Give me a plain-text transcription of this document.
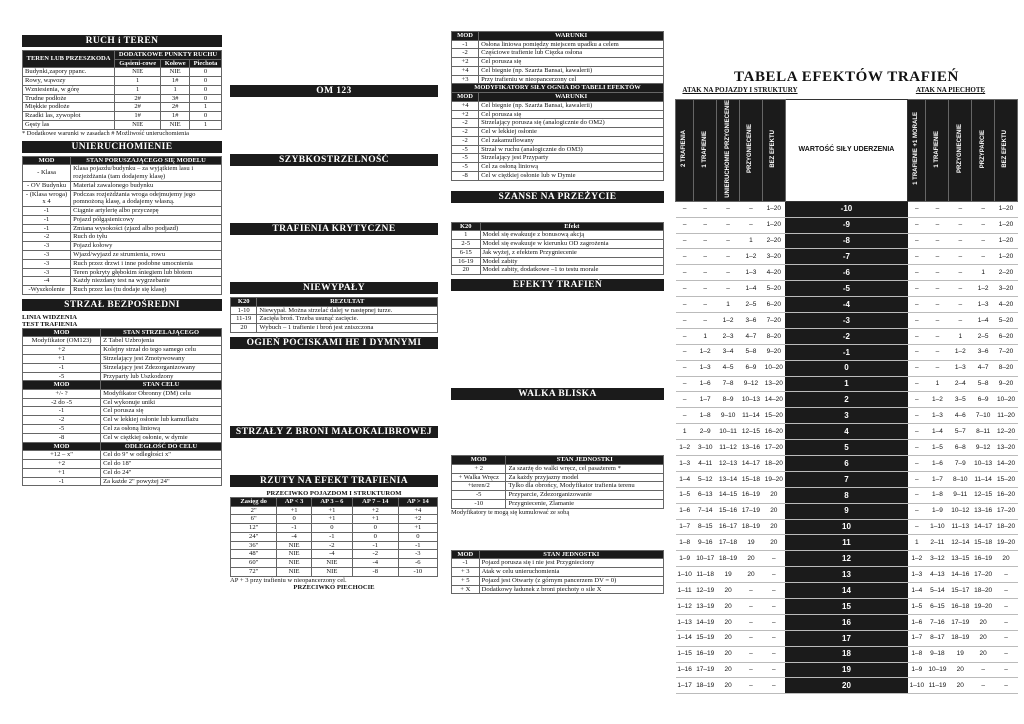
RUCH i TEREN
TEREN LUB PRZESZKODA	DODATKOWE PUNKTY RUCHU		
	Gąsieni-cowe	Kołowe	Piechota
Budynki,zapory ppanc.	NIE	NIE	0
Rowy, wąwozy	1	1#	0
Wzniesienia, w górę	1	1	0
Trudne podłoże	2#	3#	0
Miękkie podłoże	2#	2#	1
Rzadki las, zywopłot	1#	1#	0
Gęsty las	NIE	NIE	1
* Dodatkowe warunki w zasadach # Możliwość unieruchomienia
UNIERUCHOMIENIE
MOD	STAN PORUSZAJĄCEGO SIĘ MODELU
- Klasa	Klasa pojazdu/budynku – za wyjątkiem lasu i rozjeżdżania (tam dodajemy klasę)
- OV Budynku	Materiał zawalonego budynku
- (Klasa wroga) x 4	Podczas rozjeżdżania wroga odejmujemy jego pomnożoną klasę, a dodajemy własną.
-1	Ciągnie artylerię albo przyczepę
-1	Pojazd półgąsienicowy
-1	Zmiana wysokości (zjazd albo podjazd)
-2	Ruch do tyłu
-3	Pojazd kołowy
-3	Wjazd/wyjazd ze strumienia, rowu
-3	Ruch przez drzwi i inne podobne umocnienia
-3	Teren pokryty głębokim śniegiem lub błotem
-4	Każdy niezdany test na wygrzebanie
-Wyszkolenie	Ruch przez las (tu dodaje się klasę)
STRZAŁ BEZPOŚREDNI
LINIA WIDZENIA
TEST TRAFIENIA
MOD	STAN STRZELAJĄCEGO
Modyfikator (OM123)	Z Tabel Uzbrojenia
+2	Kolejny strzał do tego samego celu
+1	Strzelający jest Zmotywowany
-1	Strzelający jest Zdezorganizowany
-5	Przyparty lub Uszkodzony
MOD	STAN CELU
+/- ?	Modyfikator Obronny (DM) celu
-2 do -5	Cel wykonuje uniki
-1	Cel porusza się
-2	Cel w lekkiej osłonie lub kamuflażu
-5	Cel za osłoną liniową
-8	Cel w ciężkiej osłonie, w dymie
MOD	ODLEGŁOŚĆ DO CELU
+12 – x"	Cel do 9" w odległości x"
+2	Cel do 18"
+1	Cel do 24"
-1	Za każde 2" powyżej 24"
OM 123
SZYBKOSTRZELNOŚĆ
TRAFIENIA KRYTYCZNE
NIEWYPAŁY
K20	REZULTAT
1-10	Niewypał. Można strzelać dalej w następnej turze.
11-19	Zacięła broń. Trzeba usunąć zacięcie.
20	Wybuch – 1 trafienie i broń jest zniszczona
OGIEŃ POCISKAMI HE I DYMNYMI
STRZAŁY Z BRONI MAŁOKALIBROWEJ
RZUTY NA EFEKT TRAFIENIA
PRZECIWKO POJAZDOM I STRUKTUROM
Zasięg do	AP < 3	AP 3 – 6	AP 7 – 14	AP > 14
2"	+1	+1	+2	+4
6"	0	+1	+1	+2
12"	-1	0	0	+1
24"	-4	-1	0	0
36"	NIE	-2	-1	-1
48"	NIE	-4	-2	-3
60"	NIE	NIE	-4	-6
72"	NIE	NIE	-8	-10
AP + 3 przy trafieniu w nieopancerzony cel.
PRZECIWKO PIECHOCIE
MOD	WARUNKI
-1	Osłona liniowa pomiędzy miejscem upadku a celem
-2	Częściowe trafienie lub Cięzka osłona
+2	Cel porusza się
+4	Cel biegnie (np. Szarża Bansai, kawalerii)
+3	Przy trafieniu w nieopancerzony cel
MODYFIKATORY SIŁY OGNIA DO TABELI EFEKTÓW	
MOD	WARUNKI
+4	Cel biegnie (np. Szarża Bansai, kawalerii)
+2	Cel porusza się
-2	Strzelający porusza się (analogicznie do OM2)
-2	Cel w lekkiej osłonie
-2	Cel zakamuflowany
-5	Strzał w ruchu (analogicznie do OM3)
-5	Strzelający jest Przyparty
-5	Cel za osłoną liniową
-8	Cel w ciężkiej osłonie lub w Dymie
SZANSE NA PRZEŻYCIE
K20	Efekt
1	Model się ewakuuje z bonusową akcją
2-5	Model się ewakuuje w kierunku OD zagrożenia
6-15	Jak wyżej, z efektem Przygniecenie
16-19	Model zabity
20	Model zabity, dodatkowe –1 to testu morale
EFEKTY TRAFIEŃ
WALKA BLISKA
MOD	STAN JEDNOSTKI
+ 2	Za szarżę do walki wręcz, cel pasażerem *
+ Walka Wręcz	Za każdy przyjazny model
+teren/2	Tylko dla obrońcy, Modyfikator trafienia terenu
-5	Przyparcie, Zdezorganizowanie
-10	Przygniecenie, Zlamanie
Modyfikatory te mogą się kumulować ze sobą
MOD	STAN JEDNOSTKI
-1	Pojazd porusza się i nie jest Przygnieciony
+ 3	Atak w celu unieruchomienia
+ 5	Pojazd jest Otwarty (z górnym pancerzem DV = 0)
+ X	Dodatkowy ładunek z broni piechoty o sile X
TABELA EFEKTÓW TRAFIEŃ
ATAK NA POJAZDY I STRUKTURY	ATAK NA PIECHOTĘ
2 TRAFIENIA	1 TRAFIENIE	UNIERUCHOMIE PRZYGNIECENIE	PRZYGNIECENIE	BEZ EFEKTU	WARTOŚĆ SIŁY UDERZENIA	1 TRAFIENIE +1 MORALE	1 TRAFIENIE	PRZYGNIECENIE	PRZYPARCIE	BEZ EFEKTU
–	–	–	–	1–20	-10	–	–	–	–	1–20
–	–	–	–	1–20	-9	–	–	–	–	1–20
–	–	–	1	2–20	-8	–	–	–	–	1–20
–	–	–	1–2	3–20	-7	–	–	–	–	1–20
–	–	–	1–3	4–20	-6	–	–	–	1	2–20
–	–	–	1–4	5–20	-5	–	–	–	1–2	3–20
–	–	1	2–5	6–20	-4	–	–	–	1–3	4–20
–	–	1–2	3–6	7–20	-3	–	–	–	1–4	5–20
–	1	2–3	4–7	8–20	-2	–	–	1	2–5	6–20
–	1–2	3–4	5–8	9–20	-1	–	–	1–2	3–6	7–20
–	1–3	4–5	6–9	10–20	0	–	–	1–3	4–7	8–20
–	1–6	7–8	9–12	13–20	1	–	1	2–4	5–8	9–20
–	1–7	8–9	10–13	14–20	2	–	1–2	3–5	6–9	10–20
–	1–8	9–10	11–14	15–20	3	–	1–3	4–6	7–10	11–20
1	2–9	10–11	12–15	16–20	4	–	1–4	5–7	8–11	12–20
1–2	3–10	11–12	13–16	17–20	5	–	1–5	6–8	9–12	13–20
1–3	4–11	12–13	14–17	18–20	6	–	1–6	7–9	10–13	14–20
1–4	5–12	13–14	15–18	19–20	7	–	1–7	8–10	11–14	15–20
1–5	6–13	14–15	16–19	20	8	–	1–8	9–11	12–15	16–20
1–6	7–14	15–16	17–19	20	9	–	1–9	10–12	13–16	17–20
1–7	8–15	16–17	18–19	20	10	–	1–10	11–13	14–17	18–20
1–8	9–16	17–18	19	20	11	1	2–11	12–14	15–18	19–20
1–9	10–17	18–19	20	–	12	1–2	3–12	13–15	16–19	20
1–10	11–18	19	20	–	13	1–3	4–13	14–16	17–20	–
1–11	12–19	20	–	–	14	1–4	5–14	15–17	18–20	–
1–12	13–19	20	–	–	15	1–5	6–15	16–18	19–20	–
1–13	14–19	20	–	–	16	1–6	7–16	17–19	20	–
1–14	15–19	20	–	–	17	1–7	8–17	18–19	20	–
1–15	16–19	20	–	–	18	1–8	9–18	19	20	–
1–16	17–19	20	–	–	19	1–9	10–19	20	–	–
1–17	18–19	20	–	–	20	1–10	11–19	20	–	–
